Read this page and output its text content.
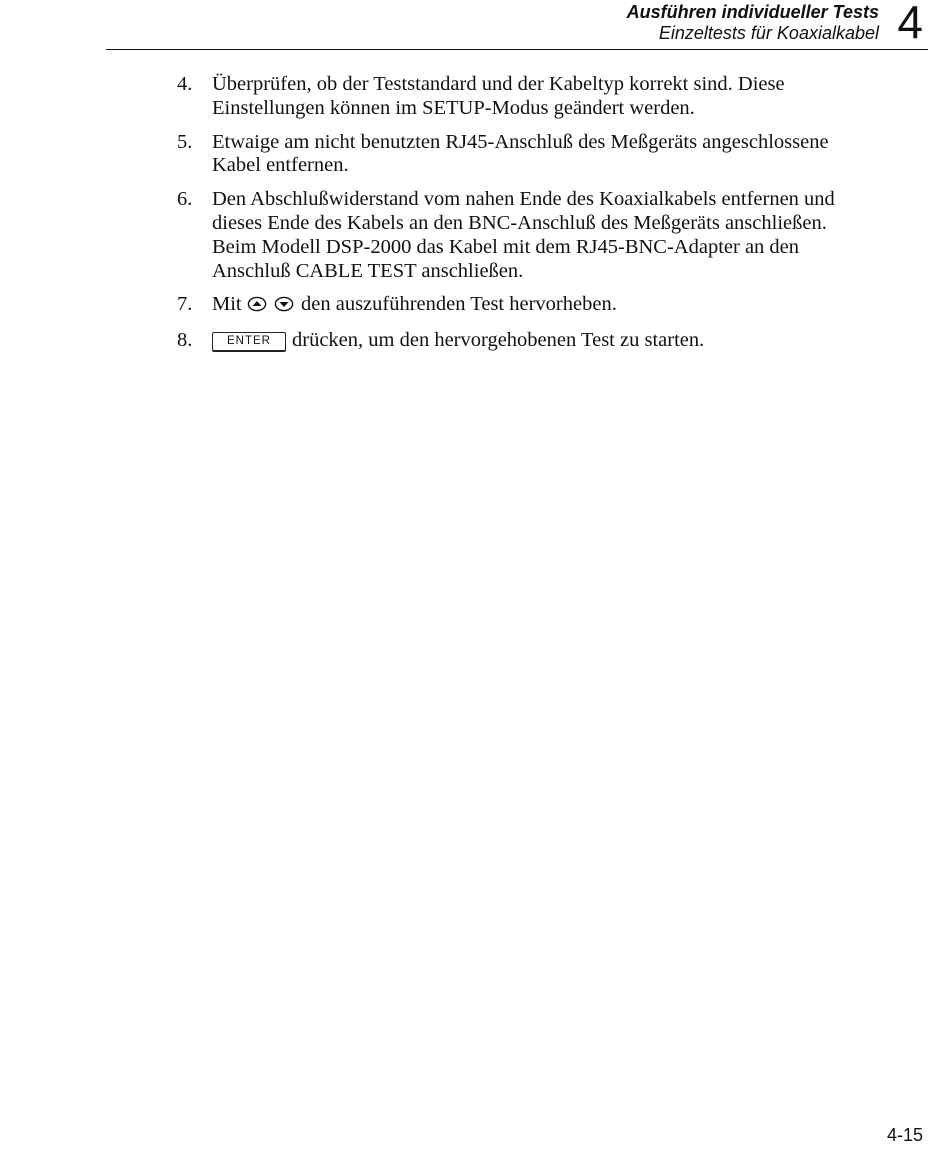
Ausführen individueller Tests
Einzeltests für Koaxialkabel 4
4. Überprüfen, ob der Teststandard und der Kabeltyp korrekt sind. Diese
Einstellungen können im SETUP-Modus geändert werden.
5. Etwaige am nicht benutzten RJ45-Anschluß des Meßgeräts angeschlossene
Kabel entfernen.
6. Den Abschlußwiderstand vom nahen Ende des Koaxialkabels entfernen und
dieses Ende des Kabels an den BNC-Anschluß des Meßgeräts anschließen.
Beim Modell DSP-2000 das Kabel mit dem RJ45-BNC-Adapter an den
Anschluß CABLE TEST anschließen.
7. Mit	den auszuführenden Test hervorheben.
8.	ENTER drücken, um den hervorgehobenen Test zu starten.
4-15
